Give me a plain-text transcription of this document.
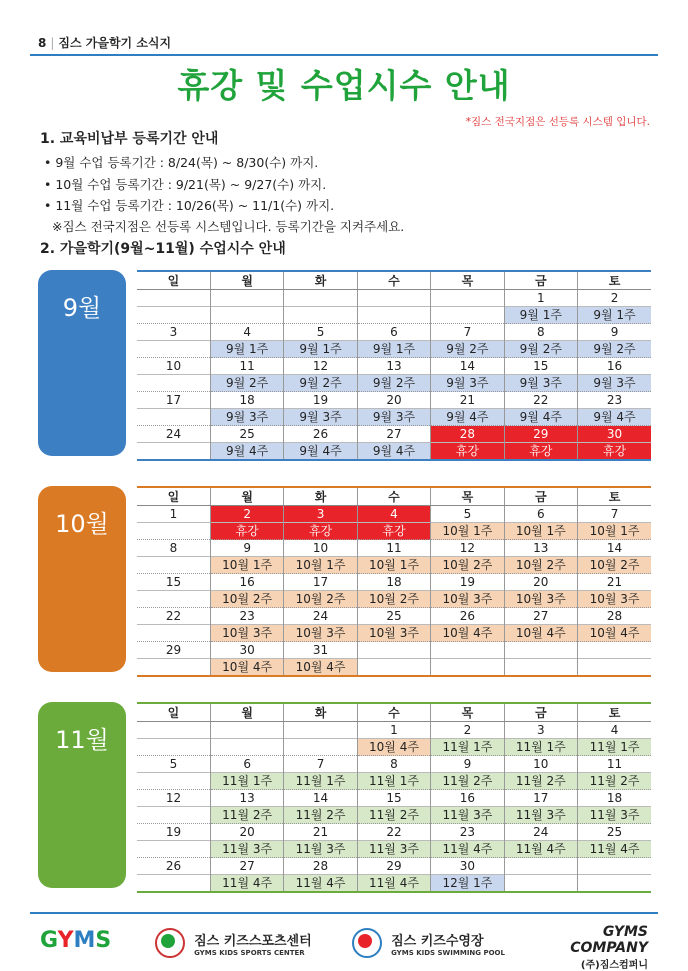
8 | 짐스 가을학기 소식지
휴강 및 수업시수 안내
*짐스 전국지점은 선등록 시스템 입니다.
1. 교육비납부 등록기간 안내
• 9월 수업 등록기간 : 8/24(목) ~ 8/30(수) 까지.
• 10월 수업 등록기간 : 9/21(목) ~ 9/27(수) 까지.
• 11월 수업 등록기간 : 10/26(목) ~ 11/1(수) 까지.
※짐스 전국지점은 선등록 시스템입니다. 등록기간을 지켜주세요.
2. 가을학기(9월~11월) 수업시수 안내
9월
일	월	화	수	목	금	토
					1	2
					9월 1주	9월 1주
3	4	5	6	7	8	9
	9월 1주	9월 1주	9월 1주	9월 2주	9월 2주	9월 2주
10	11	12	13	14	15	16
	9월 2주	9월 2주	9월 2주	9월 3주	9월 3주	9월 3주
17	18	19	20	21	22	23
	9월 3주	9월 3주	9월 3주	9월 4주	9월 4주	9월 4주
24	25	26	27	28	29	30
	9월 4주	9월 4주	9월 4주	휴강	휴강	휴강
10월
일	월	화	수	목	금	토
1	2	3	4	5	6	7
	휴강	휴강	휴강	10월 1주	10월 1주	10월 1주
8	9	10	11	12	13	14
	10월 1주	10월 1주	10월 1주	10월 2주	10월 2주	10월 2주
15	16	17	18	19	20	21
	10월 2주	10월 2주	10월 2주	10월 3주	10월 3주	10월 3주
22	23	24	25	26	27	28
	10월 3주	10월 3주	10월 3주	10월 4주	10월 4주	10월 4주
29	30	31				
	10월 4주	10월 4주				
11월
일	월	화	수	목	금	토
			1	2	3	4
			10월 4주	11월 1주	11월 1주	11월 1주
5	6	7	8	9	10	11
	11월 1주	11월 1주	11월 1주	11월 2주	11월 2주	11월 2주
12	13	14	15	16	17	18
	11월 2주	11월 2주	11월 2주	11월 3주	11월 3주	11월 3주
19	20	21	22	23	24	25
	11월 3주	11월 3주	11월 3주	11월 4주	11월 4주	11월 4주
26	27	28	29	30		
	11월 4주	11월 4주	11월 4주	12월 1주		
GYMS
	짐스 키즈스포츠센터
GYMS KIDS SPORTS CENTER

짐스 키즈수영장
GYMS KIDS SWIMMING POOL
GYMS COMPANY
(주)짐스컴퍼니
